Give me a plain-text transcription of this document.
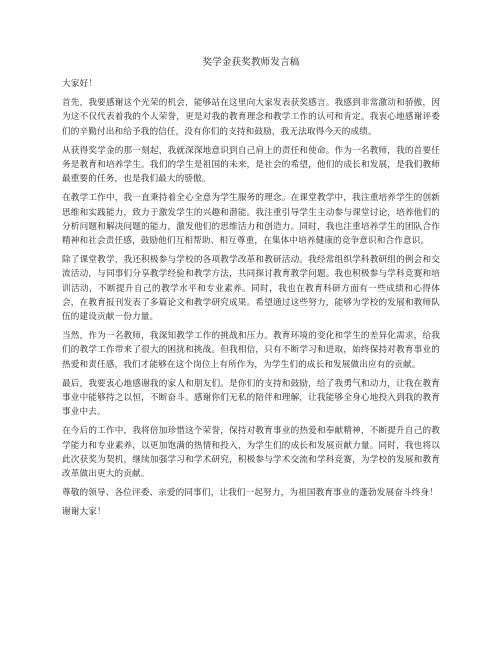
奖学金获奖教师发言稿
大家好！
首先，我要感谢这个光荣的机会，能够站在这里向大家发表获奖感言。我感到非常激动和骄傲，因为这不仅代表着我的个人荣誉，更是对我的教育理念和教学工作的认可和肯定。我衷心地感谢评委们的辛勤付出和给予我的信任，没有你们的支持和鼓励，我无法取得今天的成绩。
从获得奖学金的那一刻起，我就深深地意识到自己肩上的责任和使命。作为一名教师，我的首要任务是教育和培养学生。我们的学生是祖国的未来，是社会的希望，他们的成长和发展，是我们教师最重要的任务，也是我们最大的骄傲。
在教学工作中，我一直秉持着全心全意为学生服务的理念。在课堂教学中，我注重培养学生的创新思维和实践能力，致力于激发学生的兴趣和潜能。我注重引导学生主动参与课堂讨论，培养他们的分析问题和解决问题的能力，激发他们的思维活力和创造力。同时，我也注重培养学生的团队合作精神和社会责任感，鼓励他们互相帮助、相互尊重，在集体中培养健康的竞争意识和合作意识。
除了课堂教学，我还积极参与学校的各项教学改革和教研活动。我经常组织学科教研组的例会和交流活动，与同事们分享教学经验和教学方法，共同探讨教育教学问题。我也积极参与学科竞赛和培训活动，不断提升自己的教学水平和专业素养。同时，我也在教育科研方面有一些成绩和心得体会，在教育报刊发表了多篇论文和教学研究成果。希望通过这些努力，能够为学校的发展和教师队伍的建设贡献一份力量。
当然，作为一名教师，我深知教学工作的挑战和压力。教育环境的变化和学生的差异化需求，给我们的教学工作带来了很大的困扰和挑战。但我相信，只有不断学习和进取，始终保持对教育事业的热爱和责任感，我们才能够在这个岗位上有所作为，为学生们的成长和发展做出应有的贡献。
最后，我要衷心地感谢我的家人和朋友们。是你们的支持和鼓励，给了我勇气和动力，让我在教育事业中能够持之以恒，不断奋斗。感谢你们无私的陪伴和理解，让我能够全身心地投入到我的教育事业中去。
在今后的工作中，我将倍加珍惜这个荣誉，保持对教育事业的热爱和奉献精神，不断提升自己的教学能力和专业素养，以更加饱满的热情和投入，为学生们的成长和发展贡献力量。同时，我也将以此次获奖为契机，继续加强学习和学术研究，积极参与学术交流和学科竞赛，为学校的发展和教育改革做出更大的贡献。
尊敬的领导、各位评委、亲爱的同事们，让我们一起努力，为祖国教育事业的蓬勃发展奋斗终身！
谢谢大家！
